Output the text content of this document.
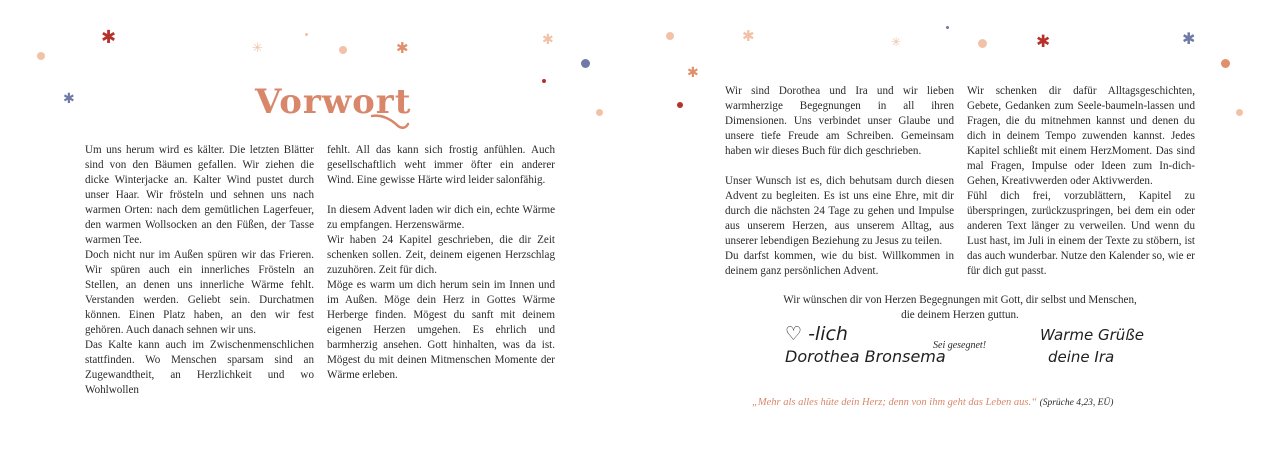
✱
✳	✱	✱
✱	Vorwort

Um uns herum wird es kälter. Die letzten Blätter sind von den Bäumen gefallen. Wir ziehen die dicke Winterjacke an. Kalter Wind pustet durch unser Haar. Wir frösteln und sehnen uns nach warmen Orten: nach dem gemütlichen Lagerfeuer, den warmen Wollsocken an den Füßen, der Tasse warmen Tee.

Doch nicht nur im Außen spüren wir das Frieren. Wir spüren auch ein innerliches Frösteln an Stellen, an denen uns innerliche Wärme fehlt. Verstanden werden. Geliebt sein. Durchatmen können. Einen Platz haben, an den wir fest gehören. Auch danach sehnen wir uns.

Das Kalte kann auch im Zwischenmenschlichen stattfinden. Wo Menschen sparsam sind an Zugewandtheit, an Herzlichkeit und wo Wohlwollen

fehlt. All das kann sich frostig anfühlen. Auch gesellschaftlich weht immer öfter ein anderer Wind. Eine gewisse Härte wird leider salonfähig.

In diesem Advent laden wir dich ein, echte Wärme zu empfangen. Herzenswärme.

Wir haben 24 Kapitel geschrieben, die dir Zeit schenken sollen. Zeit, deinem eigenen Herzschlag zuzuhören. Zeit für dich.

Möge es warm um dich herum sein im Innen und im Außen. Möge dein Herz in Gottes Wärme Herberge finden. Mögest du sanft mit deinem eigenen Herzen umgehen. Es ehrlich und barmherzig ansehen. Gott hinhalten, was da ist. Mögest du mit deinen Mitmenschen Momente der Wärme erleben.

✱	✳	✱	✱
✱

Wir sind Dorothea und Ira und wir lieben warmherzige Begegnungen in all ihren Dimensionen. Uns verbindet unser Glaube und unsere tiefe Freude am Schreiben. Gemeinsam haben wir dieses Buch für dich geschrieben.

Unser Wunsch ist es, dich behutsam durch diesen Advent zu begleiten. Es ist uns eine Ehre, mit dir durch die nächsten 24 Tage zu gehen und Impulse aus unserem Herzen, aus unserem Alltag, aus unserer lebendigen Beziehung zu Jesus zu teilen.

Du darfst kommen, wie du bist. Willkommen in deinem ganz persönlichen Advent.

Wir schenken dir dafür Alltagsgeschichten, Gebete, Gedanken zum Seele-baumeln-lassen und Fragen, die du mitnehmen kannst und denen du dich in deinem Tempo zuwenden kannst. Jedes Kapitel schließt mit einem HerzMoment. Das sind mal Fragen, Impulse oder Ideen zum In-dich-Gehen, Kreativwerden oder Aktivwerden.

Fühl dich frei, vorzublättern, Kapitel zu überspringen, zurückzuspringen, bei dem ein oder anderen Text länger zu verweilen. Und wenn du Lust hast, im Juli in einem der Texte zu stöbern, ist das auch wunderbar. Nutze den Kalender so, wie er für dich gut passt.

Wir wünschen dir von Herzen Begegnungen mit Gott, dir selbst und Menschen,
die deinem Herzen guttun.
♡ -lich
Dorothea Bronsema
Sei gesegnet!
Warme Grüße
deine Ira
„Mehr als alles hüte dein Herz; denn von ihm geht das Leben aus.“ (Sprüche 4,23, EÜ)
